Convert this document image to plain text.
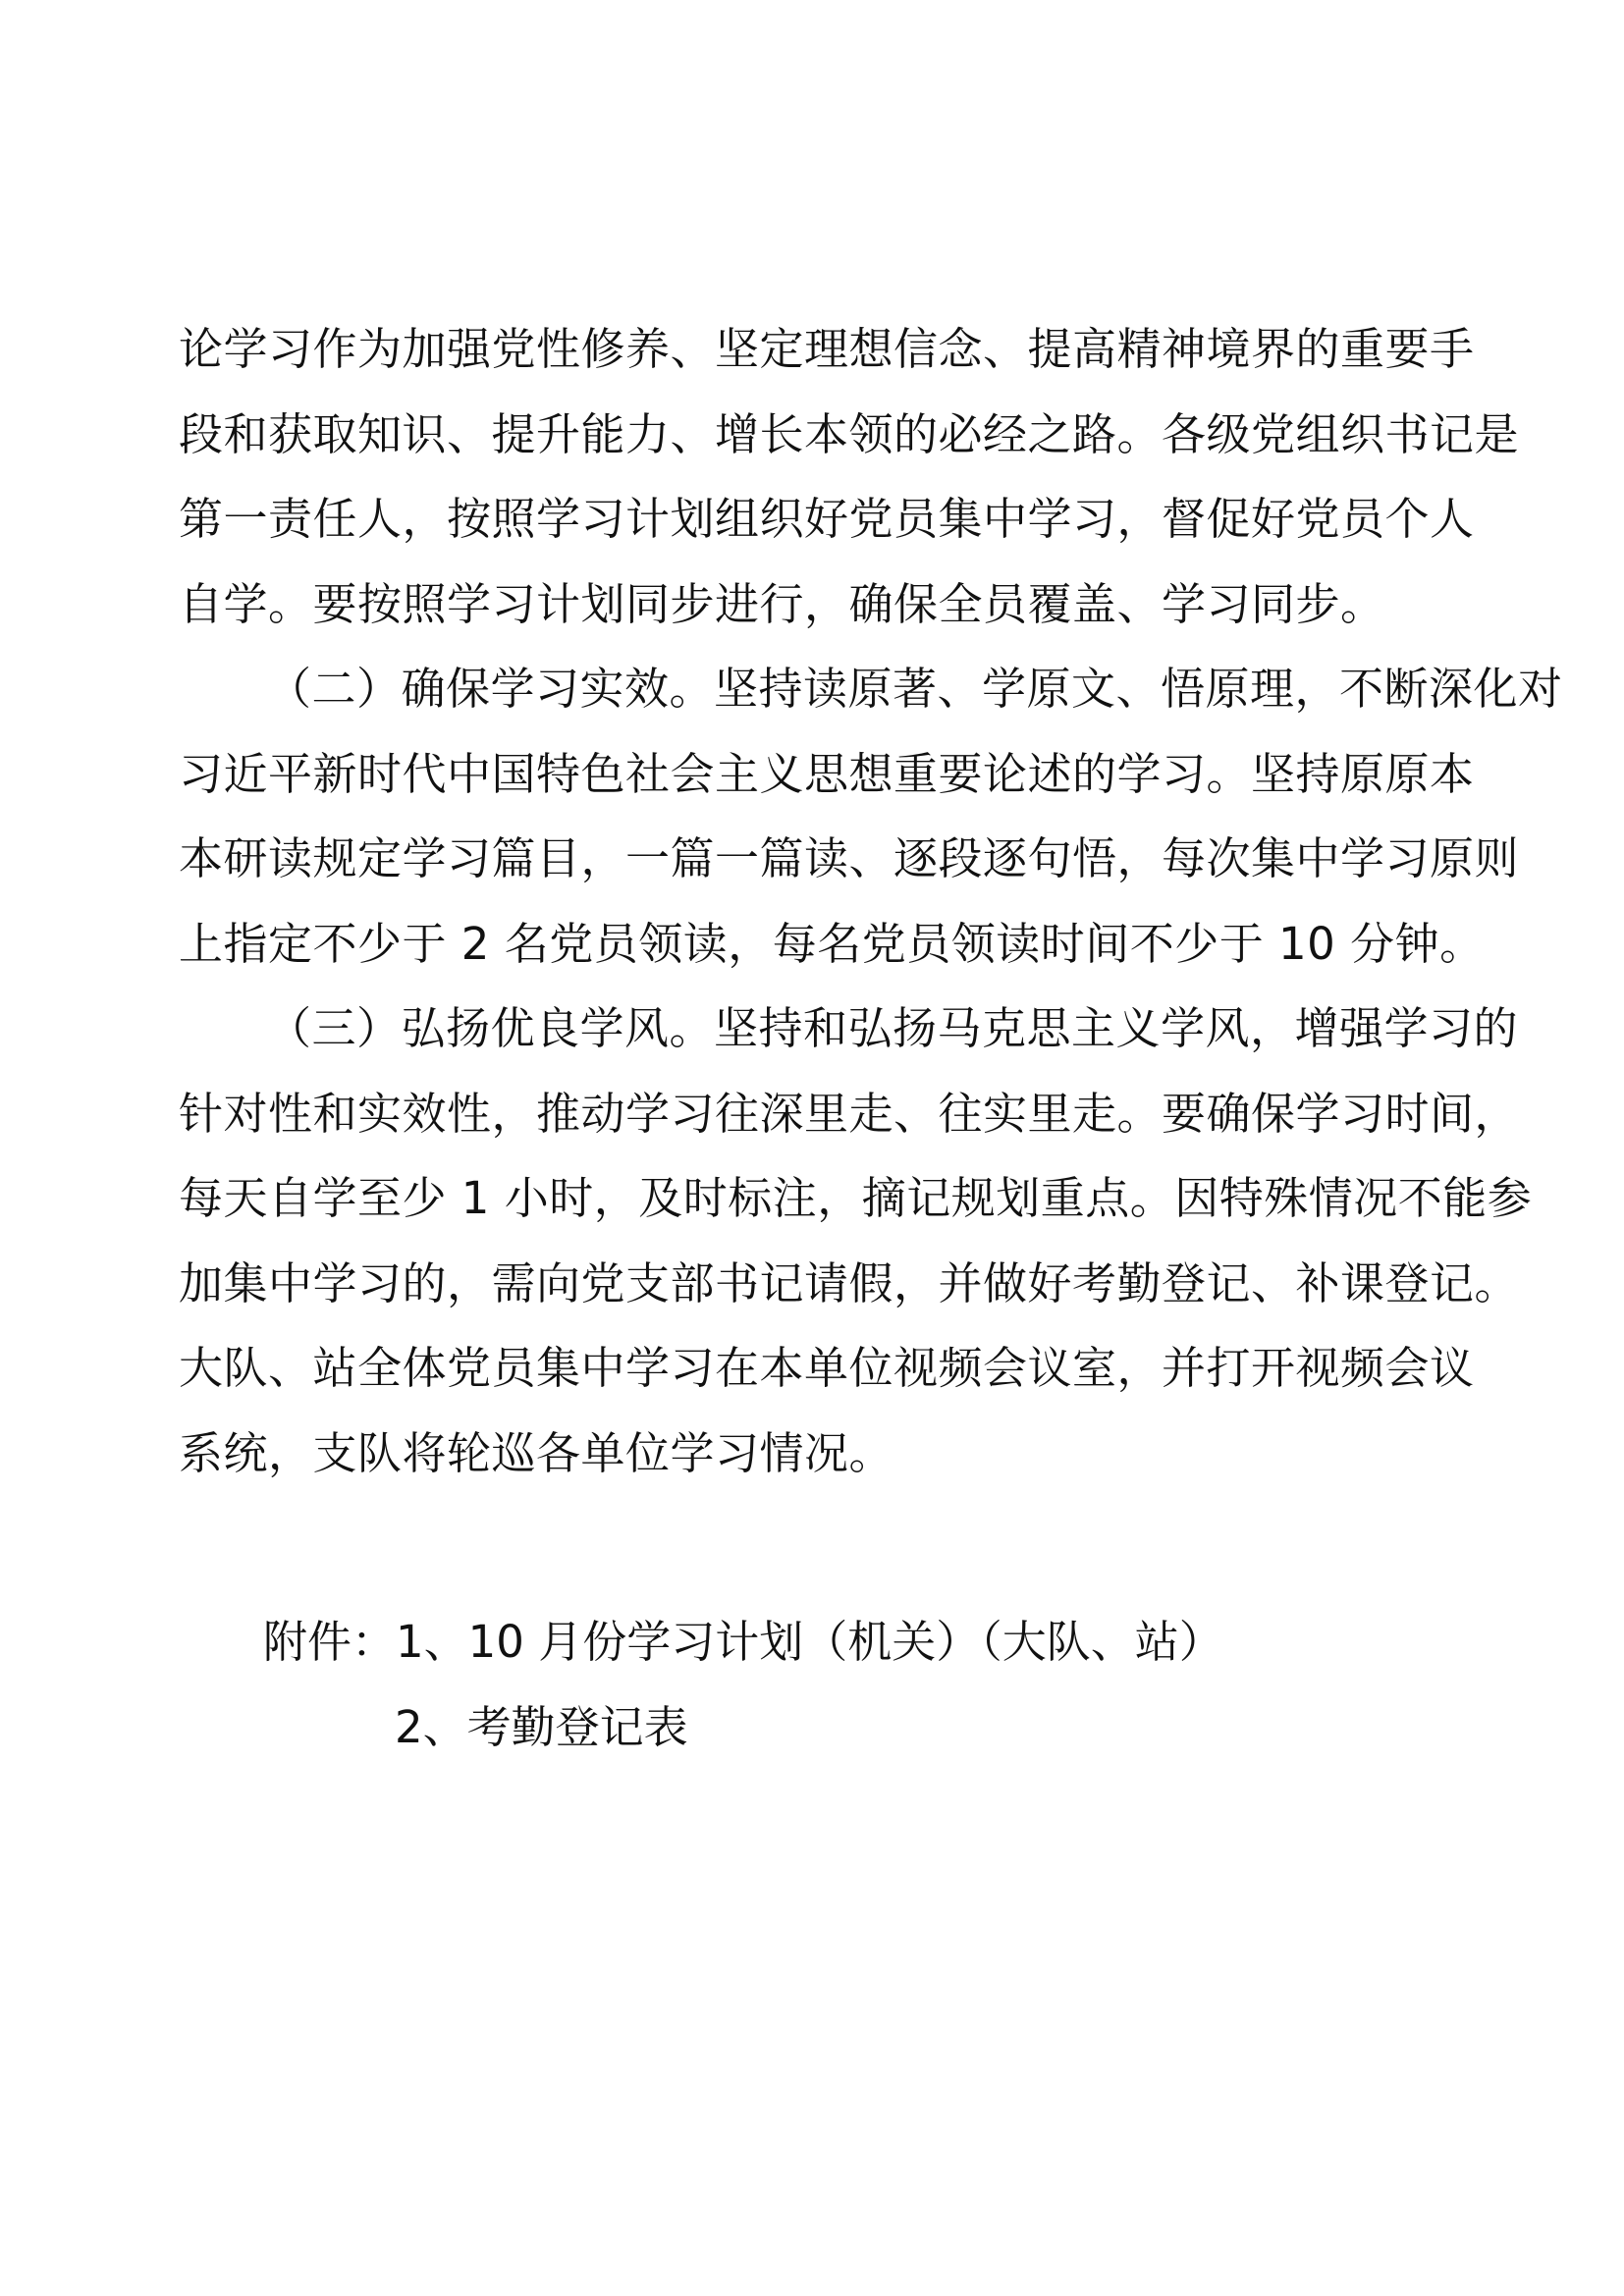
论学习作为加强党性修养、坚定理想信念、提高精神境界的重要手
段和获取知识、提升能力、增长本领的必经之路。各级党组织书记是
第一责任人，按照学习计划组织好党员集中学习，督促好党员个人
自学。要按照学习计划同步进行，确保全员覆盖、学习同步。
（二）确保学习实效。坚持读原著、学原文、悟原理，不断深化对
习近平新时代中国特色社会主义思想重要论述的学习。坚持原原本
本研读规定学习篇目，一篇一篇读、逐段逐句悟，每次集中学习原则
上指定不少于 2 名党员领读，每名党员领读时间不少于 10 分钟。
（三）弘扬优良学风。坚持和弘扬马克思主义学风，增强学习的
针对性和实效性，推动学习往深里走、往实里走。要确保学习时间，
每天自学至少 1 小时，及时标注，摘记规划重点。因特殊情况不能参
加集中学习的，需向党支部书记请假，并做好考勤登记、补课登记。
大队、站全体党员集中学习在本单位视频会议室，并打开视频会议
系统，支队将轮巡各单位学习情况。
附件：1、10 月份学习计划（机关）（大队、站）
2、考勤登记表
